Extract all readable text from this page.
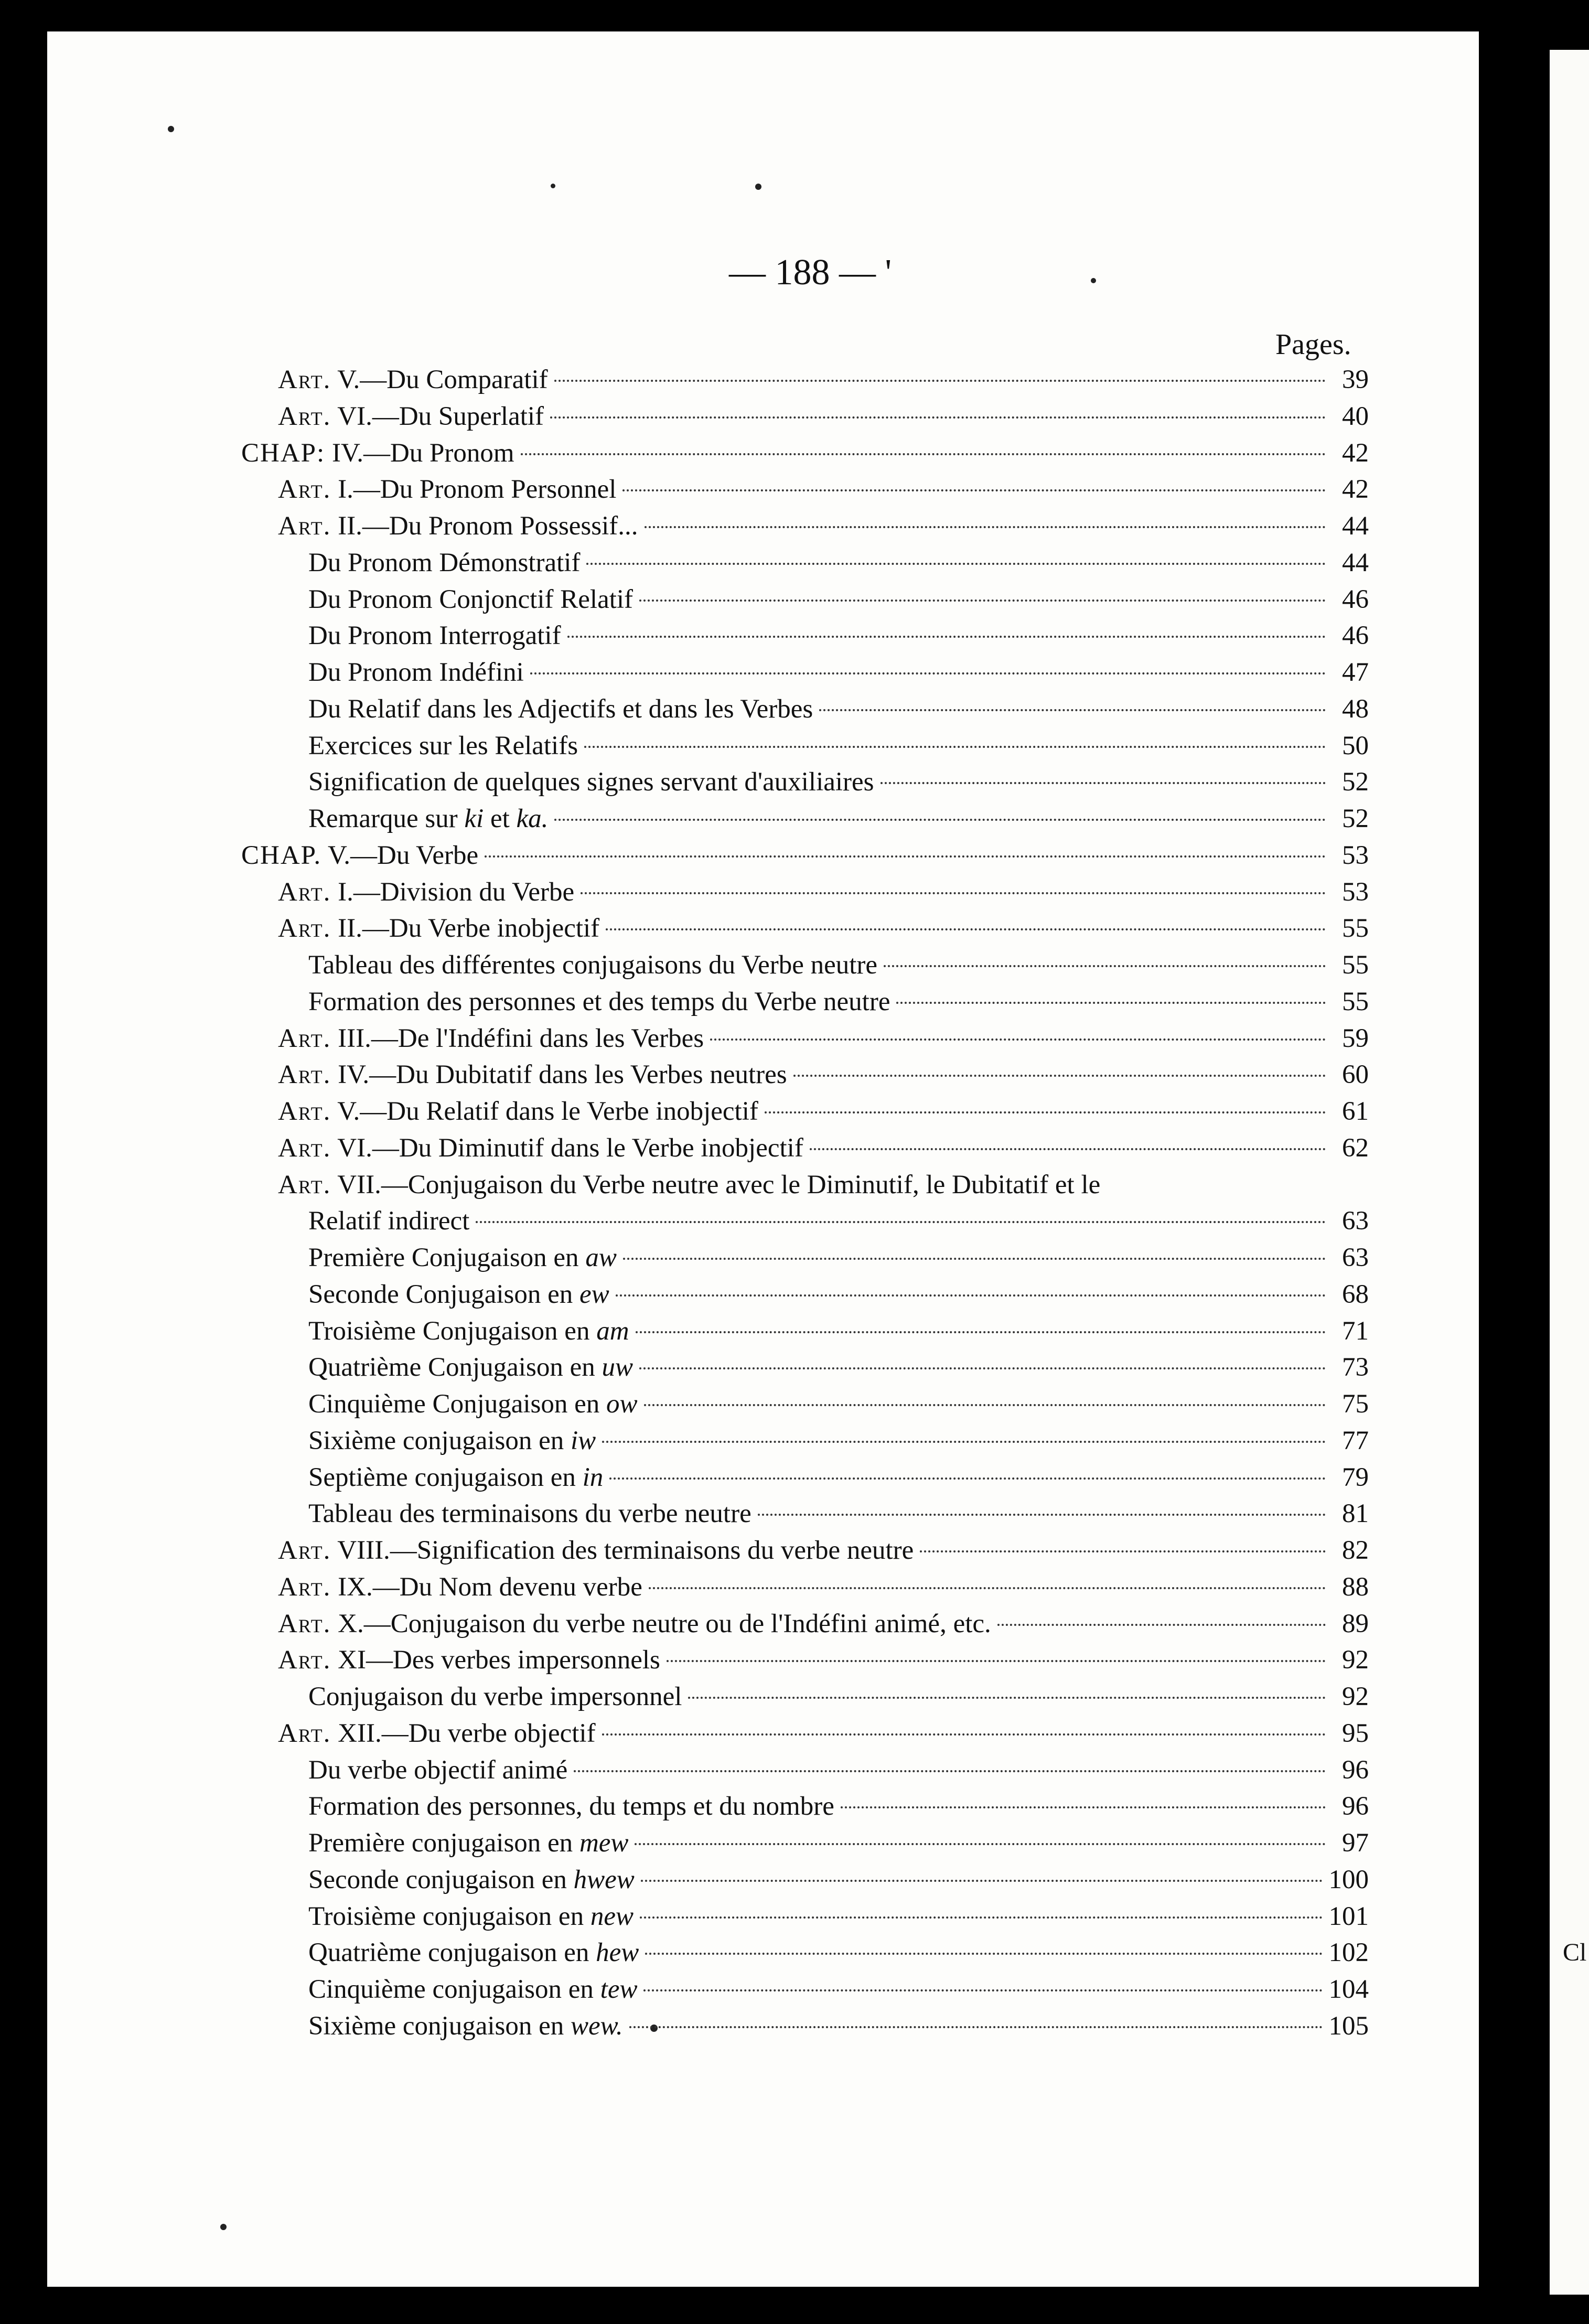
Cl
— 188 — '
Pages.
Art. V.—Du Comparatif	39
Art. VI.—Du Superlatif	40
CHAP: IV.—Du Pronom	42
Art. I.—Du Pronom Personnel	42
Art. II.—Du Pronom Possessif...	44
Du Pronom Démonstratif	44
Du Pronom Conjonctif Relatif	46
Du Pronom Interrogatif	46
Du Pronom Indéfini	47
Du Relatif dans les Adjectifs et dans les Verbes	48
Exercices sur les Relatifs	50
Signification de quelques signes servant d'auxiliaires	52
Remarque sur ki et ka.	52
CHAP. V.—Du Verbe	53
Art. I.—Division du Verbe	53
Art. II.—Du Verbe inobjectif	55
Tableau des différentes conjugaisons du Verbe neutre	55
Formation des personnes et des temps du Verbe neutre	55
Art. III.—De l'Indéfini dans les Verbes	59
Art. IV.—Du Dubitatif dans les Verbes neutres	60
Art. V.—Du Relatif dans le Verbe inobjectif	61
Art. VI.—Du Diminutif dans le Verbe inobjectif	62
Art. VII.—Conjugaison du Verbe neutre avec le Diminutif, le Dubitatif et le
Relatif indirect	63
Première Conjugaison en aw	63
Seconde Conjugaison en ew	68
Troisième Conjugaison en am	71
Quatrième Conjugaison en uw	73
Cinquième Conjugaison en ow	75
Sixième conjugaison en iw	77
Septième conjugaison en in	79
Tableau des terminaisons du verbe neutre	81
Art. VIII.—Signification des terminaisons du verbe neutre	82
Art. IX.—Du Nom devenu verbe	88
Art. X.—Conjugaison du verbe neutre ou de l'Indéfini animé, etc.	89
Art. XI—Des verbes impersonnels	92
Conjugaison du verbe impersonnel	92
Art. XII.—Du verbe objectif	95
Du verbe objectif animé	96
Formation des personnes, du temps et du nombre	96
Première conjugaison en mew	97
Seconde conjugaison en hwew	100
Troisième conjugaison en new	101
Quatrième conjugaison en hew	102
Cinquième conjugaison en tew	104
Sixième conjugaison en wew.	105
